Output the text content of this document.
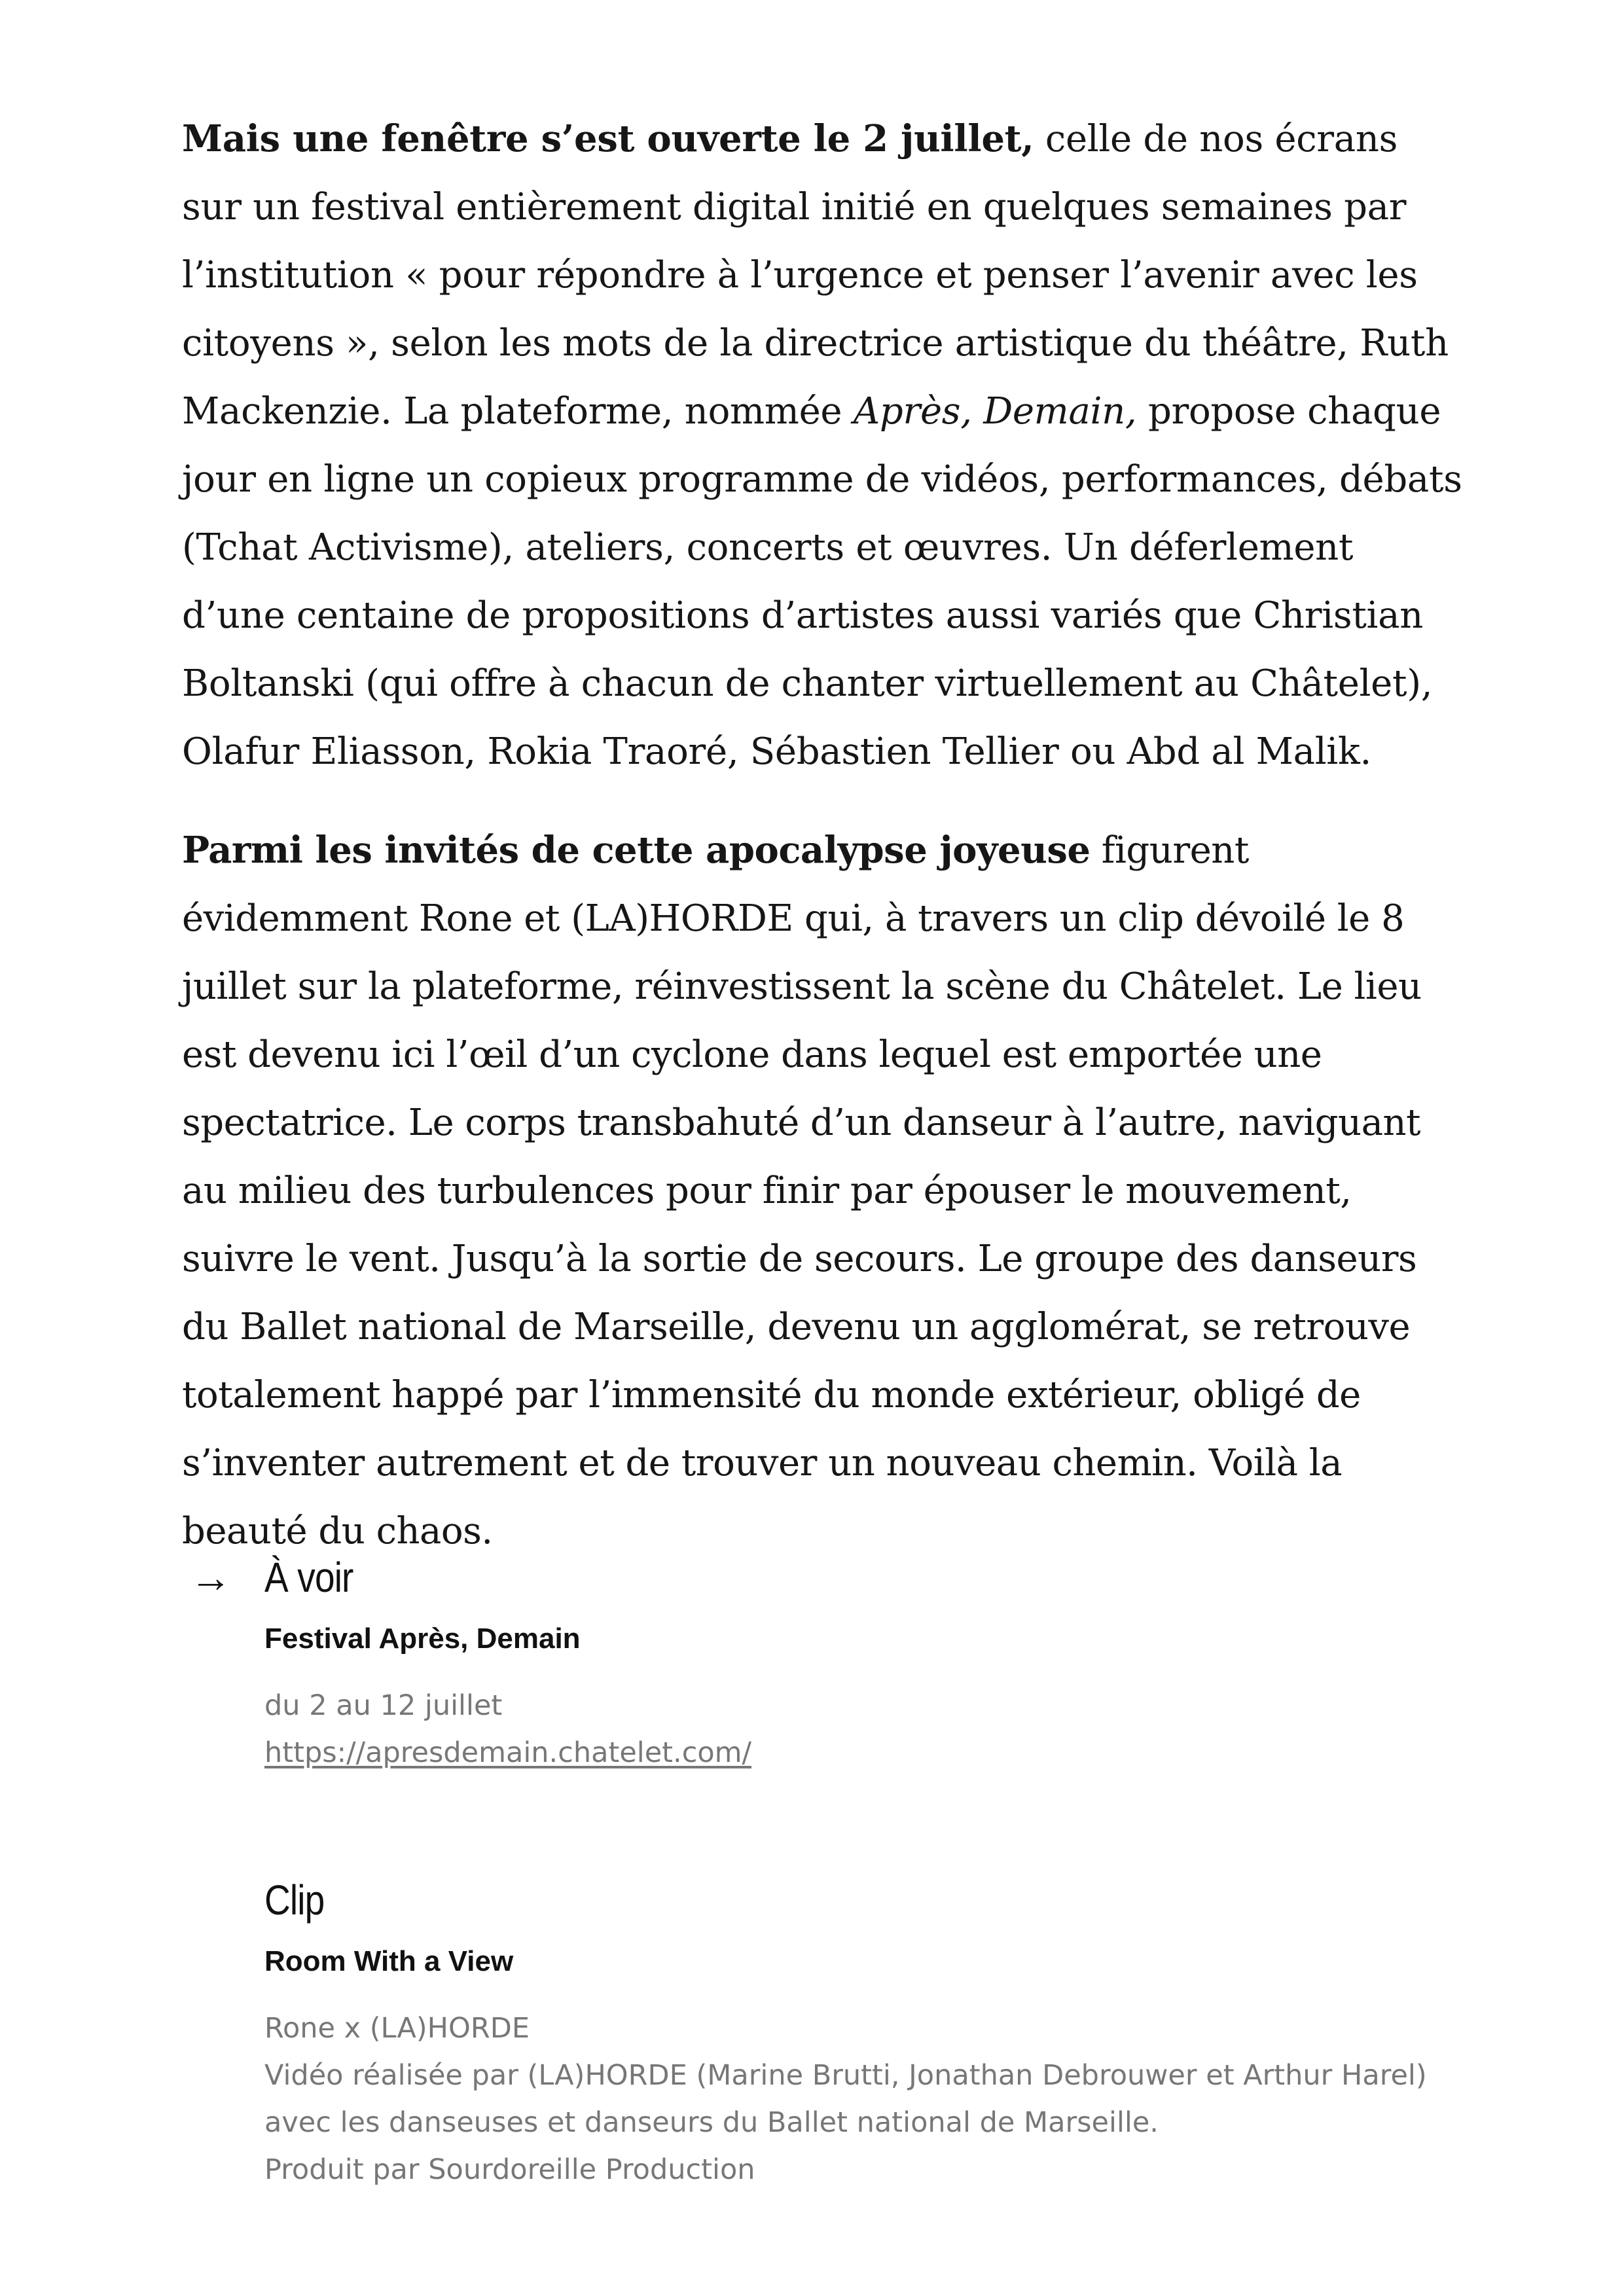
Mais une fenêtre s’est ouverte le 2 juillet, celle de nos écrans sur un festival entièrement digital initié en quelques semaines par l’institution « pour répondre à l’urgence et penser l’avenir avec les citoyens », selon les mots de la directrice artistique du théâtre, Ruth Mackenzie. La plateforme, nommée Après, Demain, propose chaque jour en ligne un copieux programme de vidéos, performances, débats (Tchat Activisme), ateliers, concerts et œuvres. Un déferlement d’une centaine de propositions d’artistes aussi variés que Christian Boltanski (qui offre à chacun de chanter virtuellement au Châtelet), Olafur Eliasson, Rokia Traoré, Sébastien Tellier ou Abd al Malik.

Parmi les invités de cette apocalypse joyeuse figurent évidemment Rone et (LA)HORDE qui, à travers un clip dévoilé le 8 juillet sur la plateforme, réinvestissent la scène du Châtelet. Le lieu est devenu ici l’œil d’un cyclone dans lequel est emportée une spectatrice. Le corps transbahuté d’un danseur à l’autre, naviguant au milieu des turbulences pour finir par épouser le mouvement, suivre le vent. Jusqu’à la sortie de secours. Le groupe des danseurs du Ballet national de Marseille, devenu un agglomérat, se retrouve totalement happé par l’immensité du monde extérieur, obligé de s’inventer autrement et de trouver un nouveau chemin. Voilà la beauté du chaos.

→ À voir
Festival Après, Demain
du 2 au 12 juillet
https://apresdemain.chatelet.com/
Clip
Room With a View
Rone x (LA)HORDE
Vidéo réalisée par (LA)HORDE (Marine Brutti, Jonathan Debrouwer et Arthur Harel)
avec les danseuses et danseurs du Ballet national de Marseille.
Produit par Sourdoreille Production
